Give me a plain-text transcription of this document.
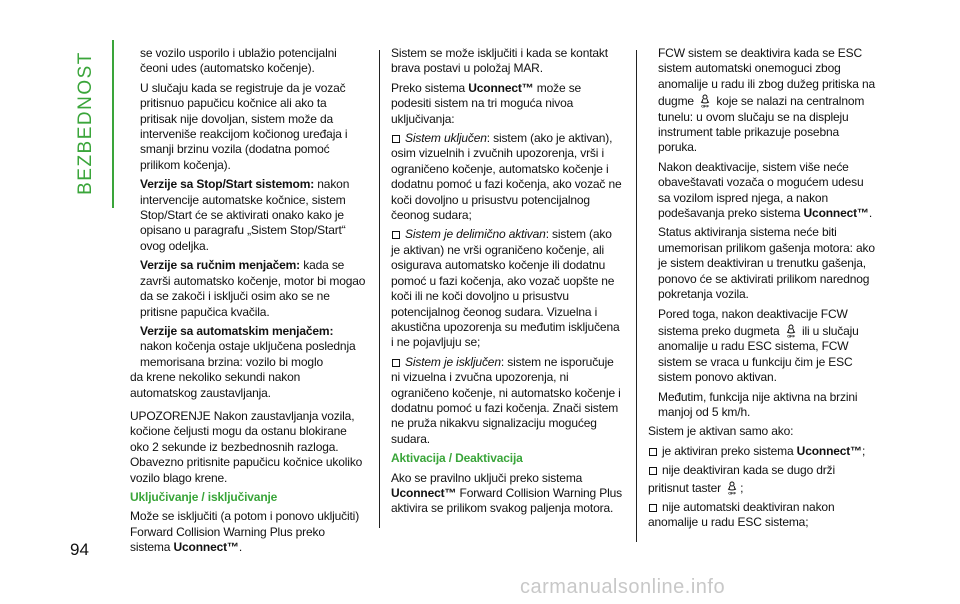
BEZBEDNOST
94

se vozilo usporilo i ublažio potencijalni čeoni udes (automatsko kočenje).

U slučaju kada se registruje da je vozač pritisnuo papučicu kočnice ali ako ta pritisak nije dovoljan, sistem može da interveniše reakcijom kočionog uređaja i smanji brzinu vozila (dodatna pomoć prilikom kočenja).

Verzije sa Stop/Start sistemom: nakon intervencije automatske kočnice, sistem Stop/Start će se aktivirati onako kako je opisano u paragrafu „Sistem Stop/Start“ ovog odeljka.

Verzije sa ručnim menjačem: kada se završi automatsko kočenje, motor bi mogao da se zakoči i isključi osim ako se ne pritisne papučica kvačila.

Verzije sa automatskim menjačem: nakon kočenja ostaje uključena poslednja memorisana brzina: vozilo bi moglo

da krene nekoliko sekundi nakon automatskog zaustavljanja.

UPOZORENJE Nakon zaustavljanja vozila, kočione čeljusti mogu da ostanu blokirane oko 2 sekunde iz bezbednosnih razloga. Obavezno pritisnite papučicu kočnice ukoliko vozilo blago krene.

Uključivanje / isključivanje

Može se isključiti (a potom i ponovo uključiti) Forward Collision Warning Plus preko sistema Uconnect™.

Sistem se može isključiti i kada se kontakt brava postavi u položaj MAR.

Preko sistema Uconnect™ može se podesiti sistem na tri moguća nivoa uključivanja:

Sistem uključen: sistem (ako je aktivan), osim vizuelnih i zvučnih upozorenja, vrši i ograničeno kočenje, automatsko kočenje i dodatnu pomoć u fazi kočenja, ako vozač ne koči dovoljno u prisustvu potencijalnog čeonog sudara;

Sistem je delimično aktivan: sistem (ako je aktivan) ne vrši ograničeno kočenje, ali osigurava automatsko kočenje ili dodatnu pomoć u fazi kočenja, ako vozač uopšte ne koči ili ne koči dovoljno u prisustvu potencijalnog čeonog sudara. Vizuelna i akustična upozorenja su međutim isključena i ne pojavljuju se;

Sistem je isključen: sistem ne isporučuje ni vizuelna i zvučna upozorenja, ni ograničeno kočenje, ni automatsko kočenje i dodatnu pomoć u fazi kočenja. Znači sistem ne pruža nikakvu signalizaciju mogućeg sudara.

Aktivacija / Deaktivacija

Ako se pravilno uključi preko sistema Uconnect™ Forward Collision Warning Plus aktivira se prilikom svakog paljenja motora.

FCW sistem se deaktivira kada se ESC sistem automatski onemoguci zbog anomalije u radu ili zbog dužeg pritiska na dugme  koje se nalazi na centralnom tunelu: u ovom slučaju se na displeju instrument table prikazuje posebna poruka.

Nakon deaktivacije, sistem više neće obaveštavati vozača o mogućem udesu sa vozilom ispred njega, a nakon podešavanja preko sistema Uconnect™.

Status aktiviranja sistema neće biti umemorisan prilikom gašenja motora: ako je sistem deaktiviran u trenutku gašenja, ponovo će se aktivirati prilikom narednog pokretanja vozila.

Pored toga, nakon deaktivacije FCW sistema preko dugmeta  ili u slučaju anomalije u radu ESC sistema, FCW sistem se vraca u funkciju čim je ESC sistem ponovo aktivan.

Međutim, funkcija nije aktivna na brzini manjoj od 5 km/h.

Sistem je aktivan samo ako:

je aktiviran preko sistema Uconnect™;

nije deaktiviran kada se dugo drži pritisnut taster ;

nije automatski deaktiviran nakon anomalije u radu ESC sistema;

carmanualsonline.info
